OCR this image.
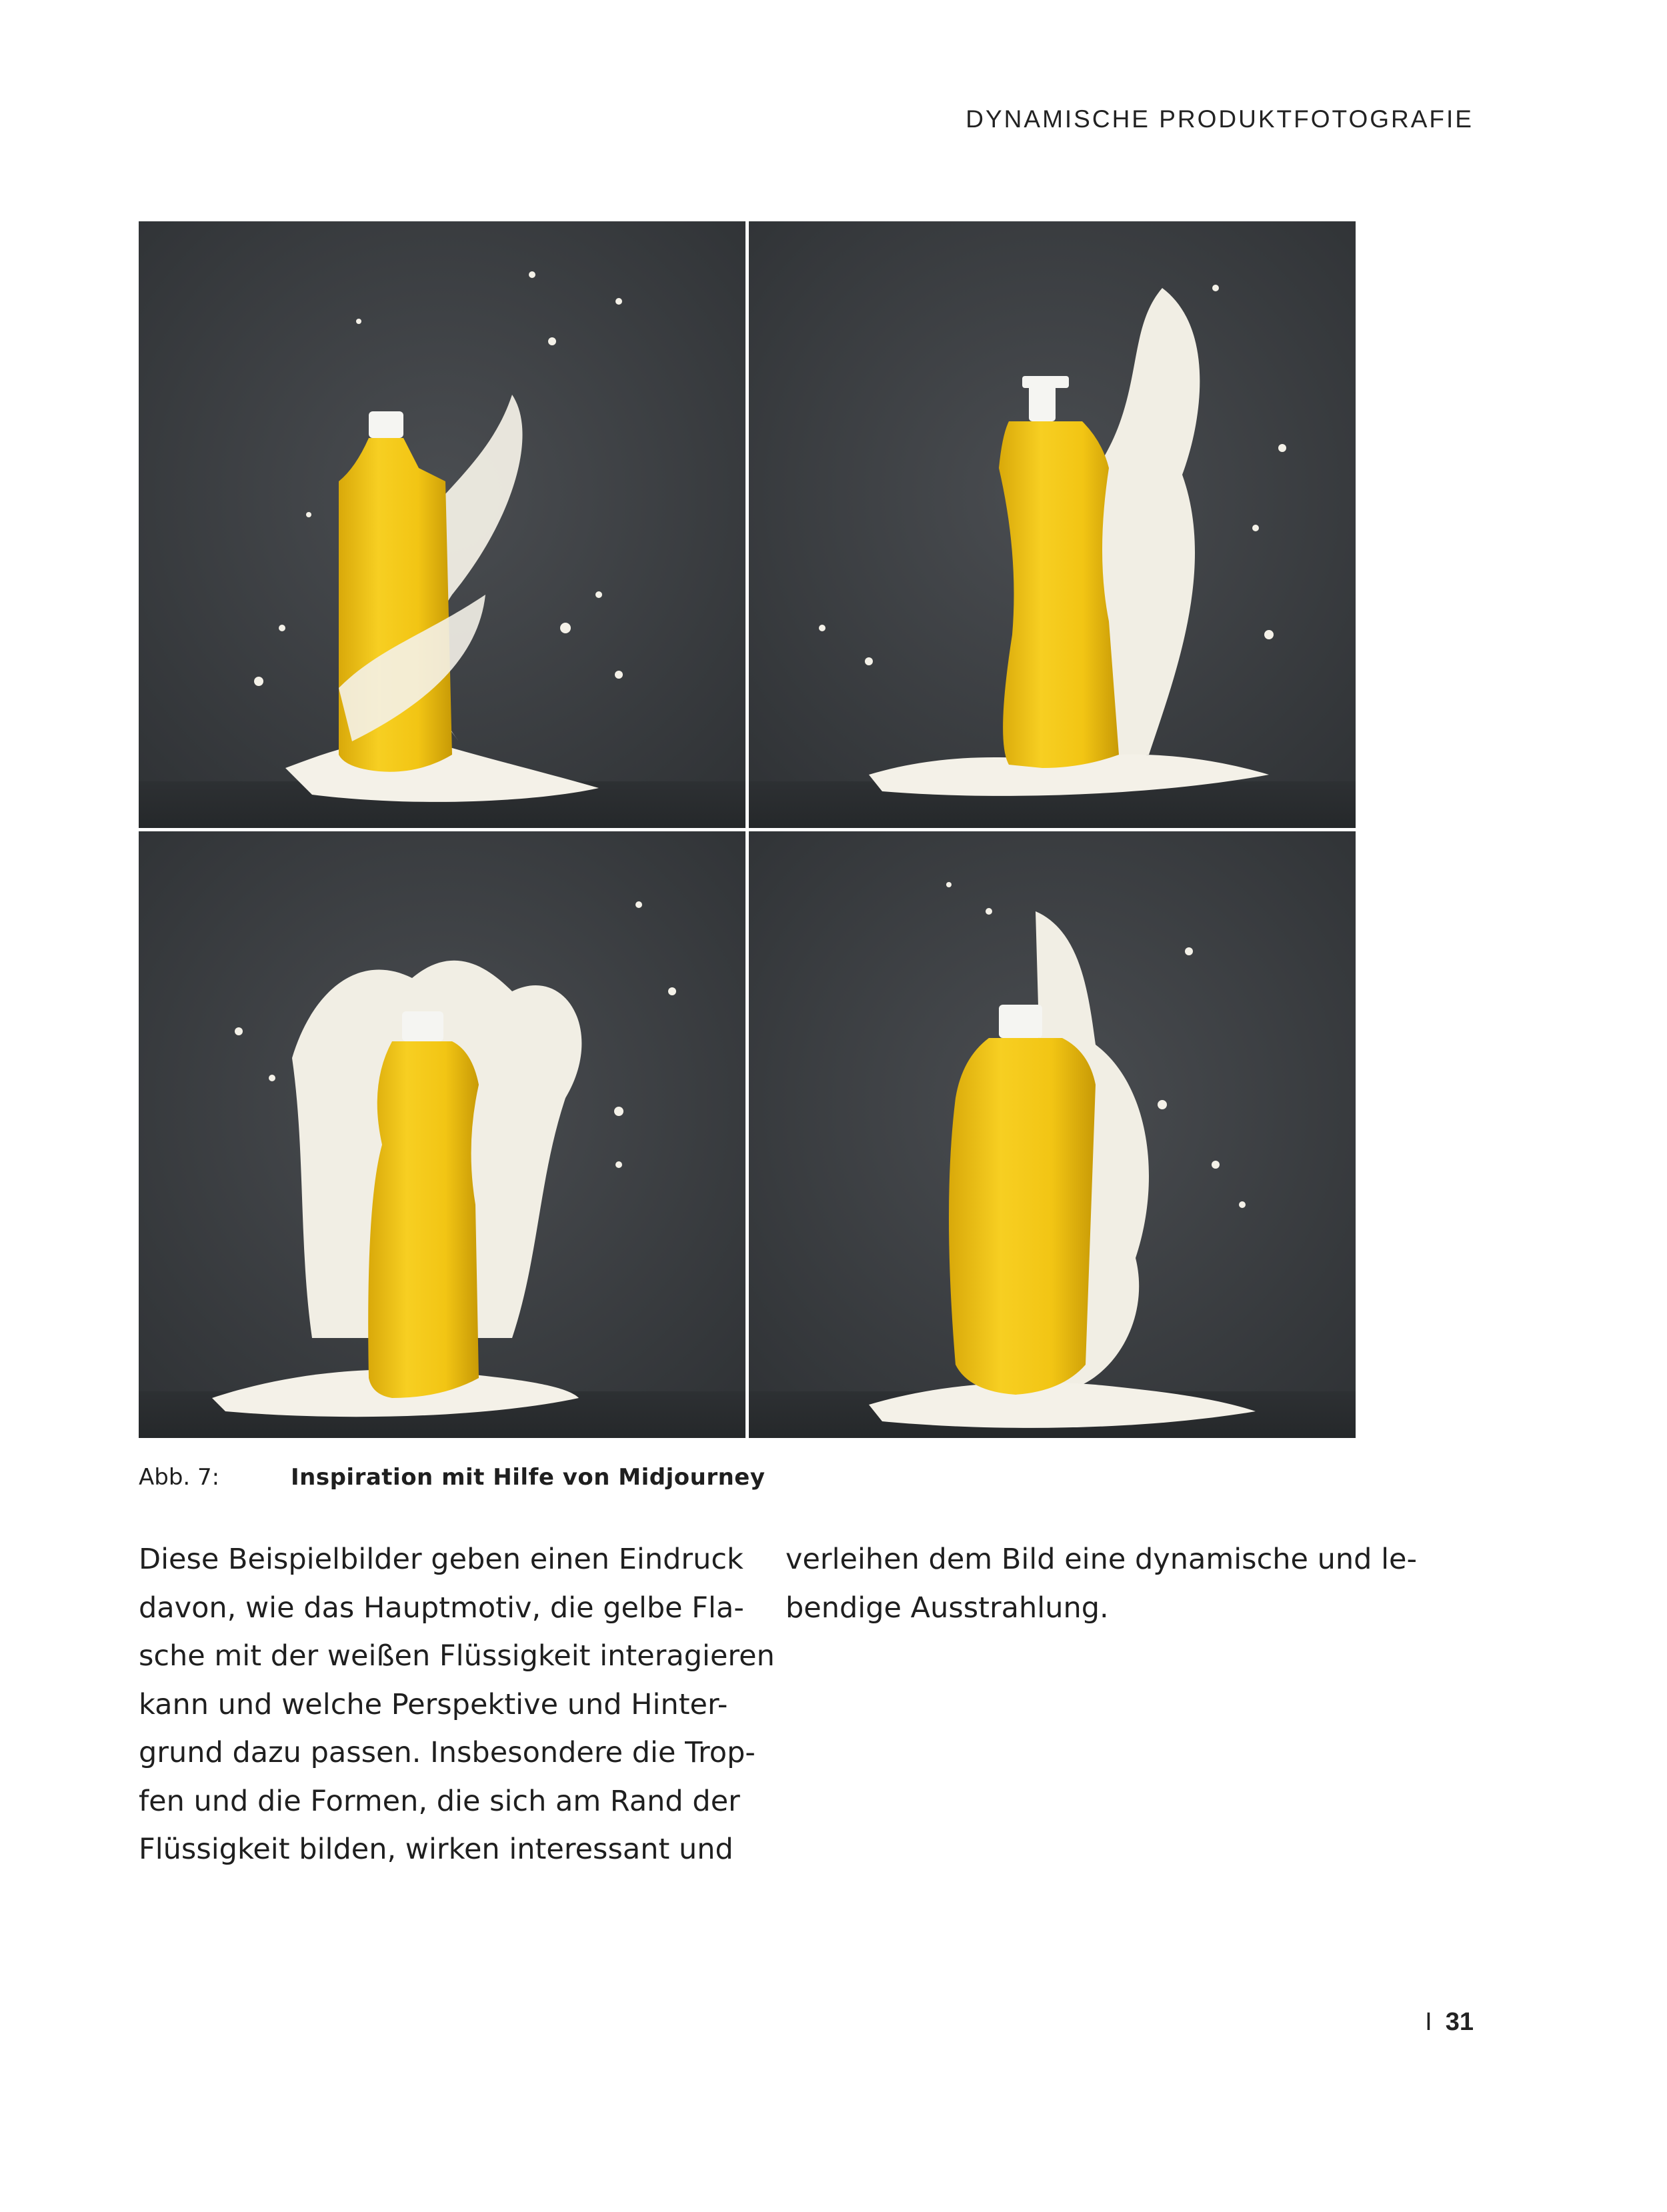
DYNAMISCHE PRODUKTFOTOGRAFIE
Abb. 7:	Inspiration mit Hilfe von Midjourney
Diese Beispielbilder geben einen Eindruck
davon, wie das Hauptmotiv, die gelbe Fla-
sche mit der weißen Flüssigkeit interagieren
kann und welche Perspektive und Hinter-
grund dazu passen. Insbesondere die Trop-
fen und die Formen, die sich am Rand der
Flüssigkeit bilden, wirken interessant und
verleihen dem Bild eine dynamische und le-
bendige Ausstrahlung.
I 31
